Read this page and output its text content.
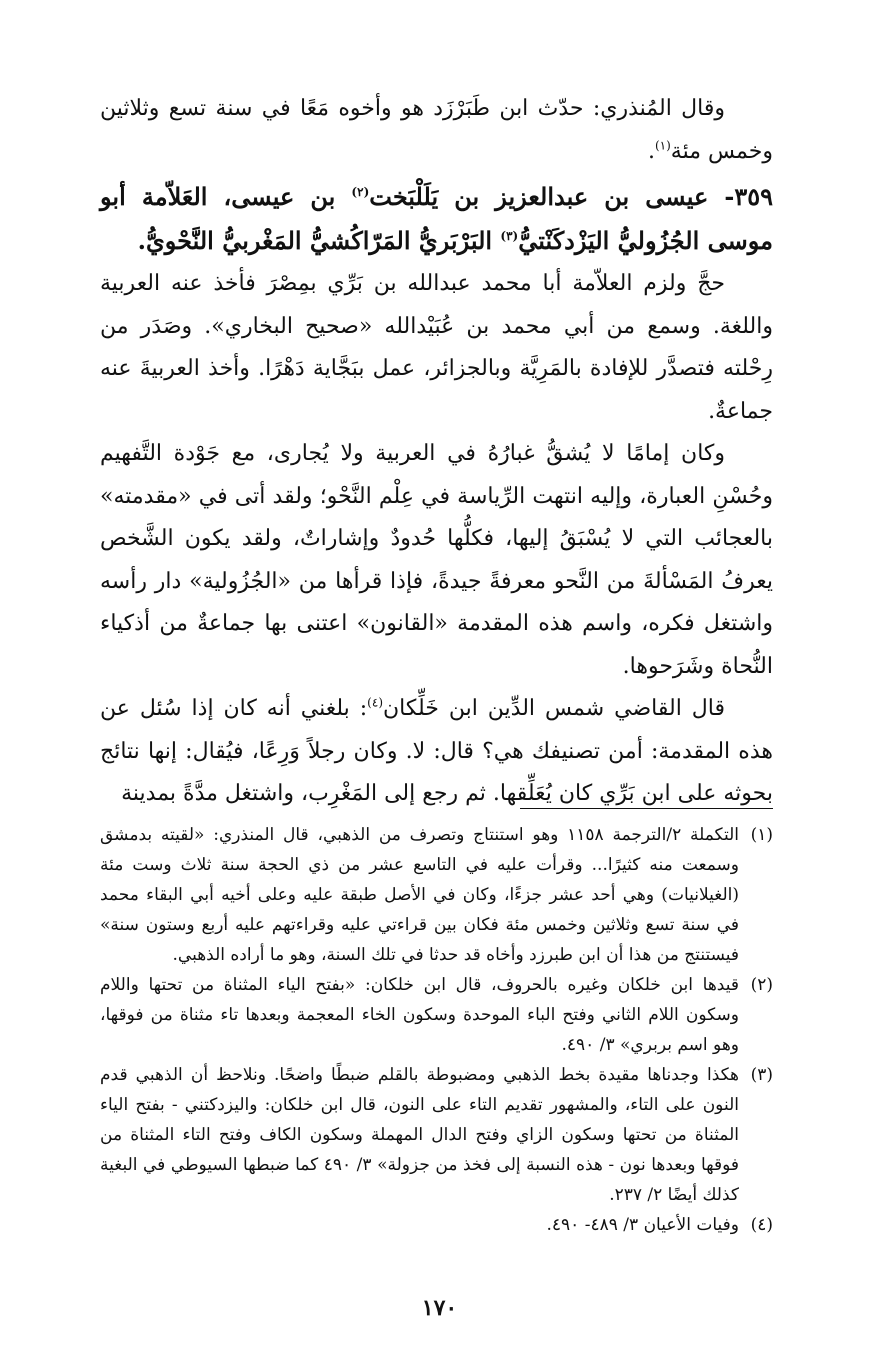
وقال المُنذري: حدّث ابن طَبَرْزَد هو وأخوه مَعًا في سنة تسع وثلاثين وخمس مئة$^{(١)}$.

٣٥٩- عيسى بن عبدالعزيز بن يَلَلْبَخت$^{(٢)}$ بن عيسى، العَلاّمة أبو موسى الجُزُوليُّ اليَزْدكَنْتيُّ$^{(٣)}$ البَرْبَريُّ المَرّاكُشيُّ المَغْربيُّ النَّحْويُّ.

حجَّ ولزم العلاّمة أبا محمد عبدالله بن بَرِّي بمِصْرَ فأخذ عنه العربية واللغة. وسمع من أبي محمد بن عُبَيْدالله «صحيح البخاري». وصَدَر من رِحْلته فتصدَّر للإفادة بالمَرِيَّة وبالجزائر، عمل ببَجَّاية دَهْرًا. وأخذ العربيةَ عنه جماعةٌ.

وكان إمامًا لا يُشقُّ غبارُهُ في العربية ولا يُجارى، مع جَوْدة التَّفهيم وحُسْنِ العبارة، وإليه انتهت الرِّياسة في عِلْم النَّحْو؛ ولقد أتى في «مقدمته» بالعجائب التي لا يُسْبَقُ إليها، فكلُّها حُدودٌ وإشاراتٌ، ولقد يكون الشَّخص يعرفُ المَسْألةَ من النَّحو معرفةً جيدةً، فإذا قرأها من «الجُزُولية» دار رأسه واشتغل فكره، واسم هذه المقدمة «القانون» اعتنى بها جماعةٌ من أذكياء النُّحاة وشَرَحوها.

قال القاضي شمس الدِّين ابن خَلِّكان$^{(٤)}$: بلغني أنه كان إذا سُئل عن هذه المقدمة: أمن تصنيفك هي؟ قال: لا. وكان رجلاً وَرِعًا، فيُقال: إنها نتائج بحوثه على ابن بَرِّي كان يُعَلِّقها. ثم رجع إلى المَغْرِب، واشتغل مدَّةً بمدينة

(١)
التكملة ٢/الترجمة ١١٥٨ وهو استنتاج وتصرف من الذهبي، قال المنذري: «لقيته بدمشق وسمعت منه كثيرًا... وقرأت عليه في التاسع عشر من ذي الحجة سنة ثلاث وست مئة (الغيلانيات) وهي أحد عشر جزءًا، وكان في الأصل طبقة عليه وعلى أخيه أبي البقاء محمد في سنة تسع وثلاثين وخمس مئة فكان بين قراءتي عليه وقراءتهم عليه أربع وستون سنة» فيستنتج من هذا أن ابن طبرزد وأخاه قد حدثا في تلك السنة، وهو ما أراده الذهبي.
(٢)
قيدها ابن خلكان وغيره بالحروف، قال ابن خلكان: «بفتح الياء المثناة من تحتها واللام وسكون اللام الثاني وفتح الباء الموحدة وسكون الخاء المعجمة وبعدها تاء مثناة من فوقها، وهو اسم بربري» ٣/ ٤٩٠.
(٣)
هكذا وجدناها مقيدة بخط الذهبي ومضبوطة بالقلم ضبطًا واضحًا. ونلاحظ أن الذهبي قدم النون على التاء، والمشهور تقديم التاء على النون، قال ابن خلكان: واليزدكتني - بفتح الياء المثناة من تحتها وسكون الزاي وفتح الدال المهملة وسكون الكاف وفتح التاء المثناة من فوقها وبعدها نون - هذه النسبة إلى فخذ من جزولة» ٣/ ٤٩٠ كما ضبطها السيوطي في البغية كذلك أيضًا ٢/ ٢٣٧.
(٤)
وفيات الأعيان ٣/ ٤٨٩- ٤٩٠.
١٧٠
